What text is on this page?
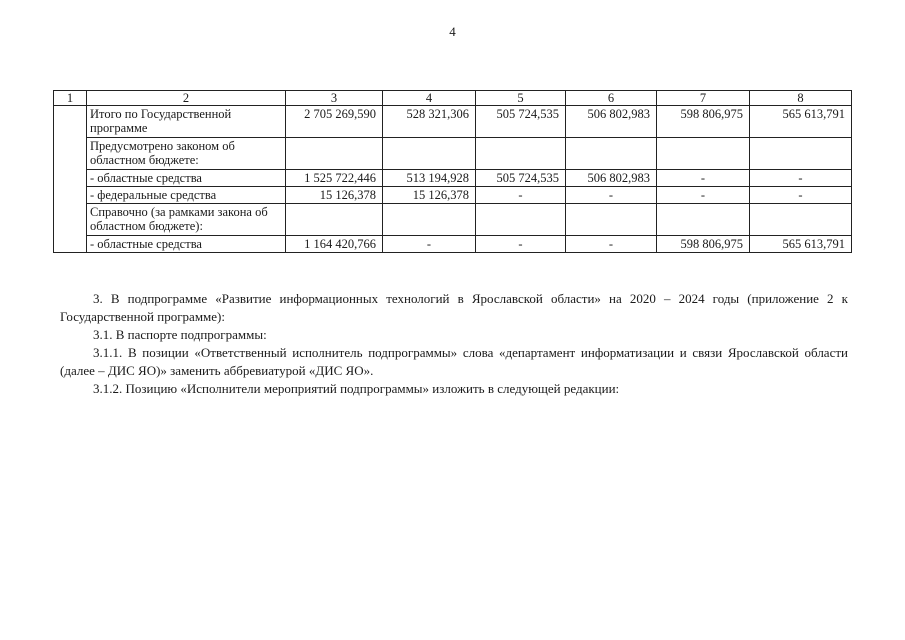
4
1	2	3	4	5	6	7	8
	Итого по Государственной программе	2 705 269,590	528 321,306	505 724,535	506 802,983	598 806,975	565 613,791
	Предусмотрено законом об областном бюджете:						
	- областные средства	1 525 722,446	513 194,928	505 724,535	506 802,983	-	-
	- федеральные средства	15 126,378	15 126,378	-	-	-	-
	Справочно (за рамками закона об областном бюджете):						
	- областные средства	1 164 420,766	-	-	-	598 806,975	565 613,791

3. В подпрограмме «Развитие информационных технологий в Ярославской области» на 2020 – 2024 годы (приложение 2 к Государственной программе):

3.1. В паспорте подпрограммы:

3.1.1. В позиции «Ответственный исполнитель подпрограммы» слова «департамент информатизации и связи Ярославской области (далее – ДИС ЯО)» заменить аббревиатурой «ДИС ЯО».

3.1.2. Позицию «Исполнители мероприятий подпрограммы» изложить в следующей редакции:
